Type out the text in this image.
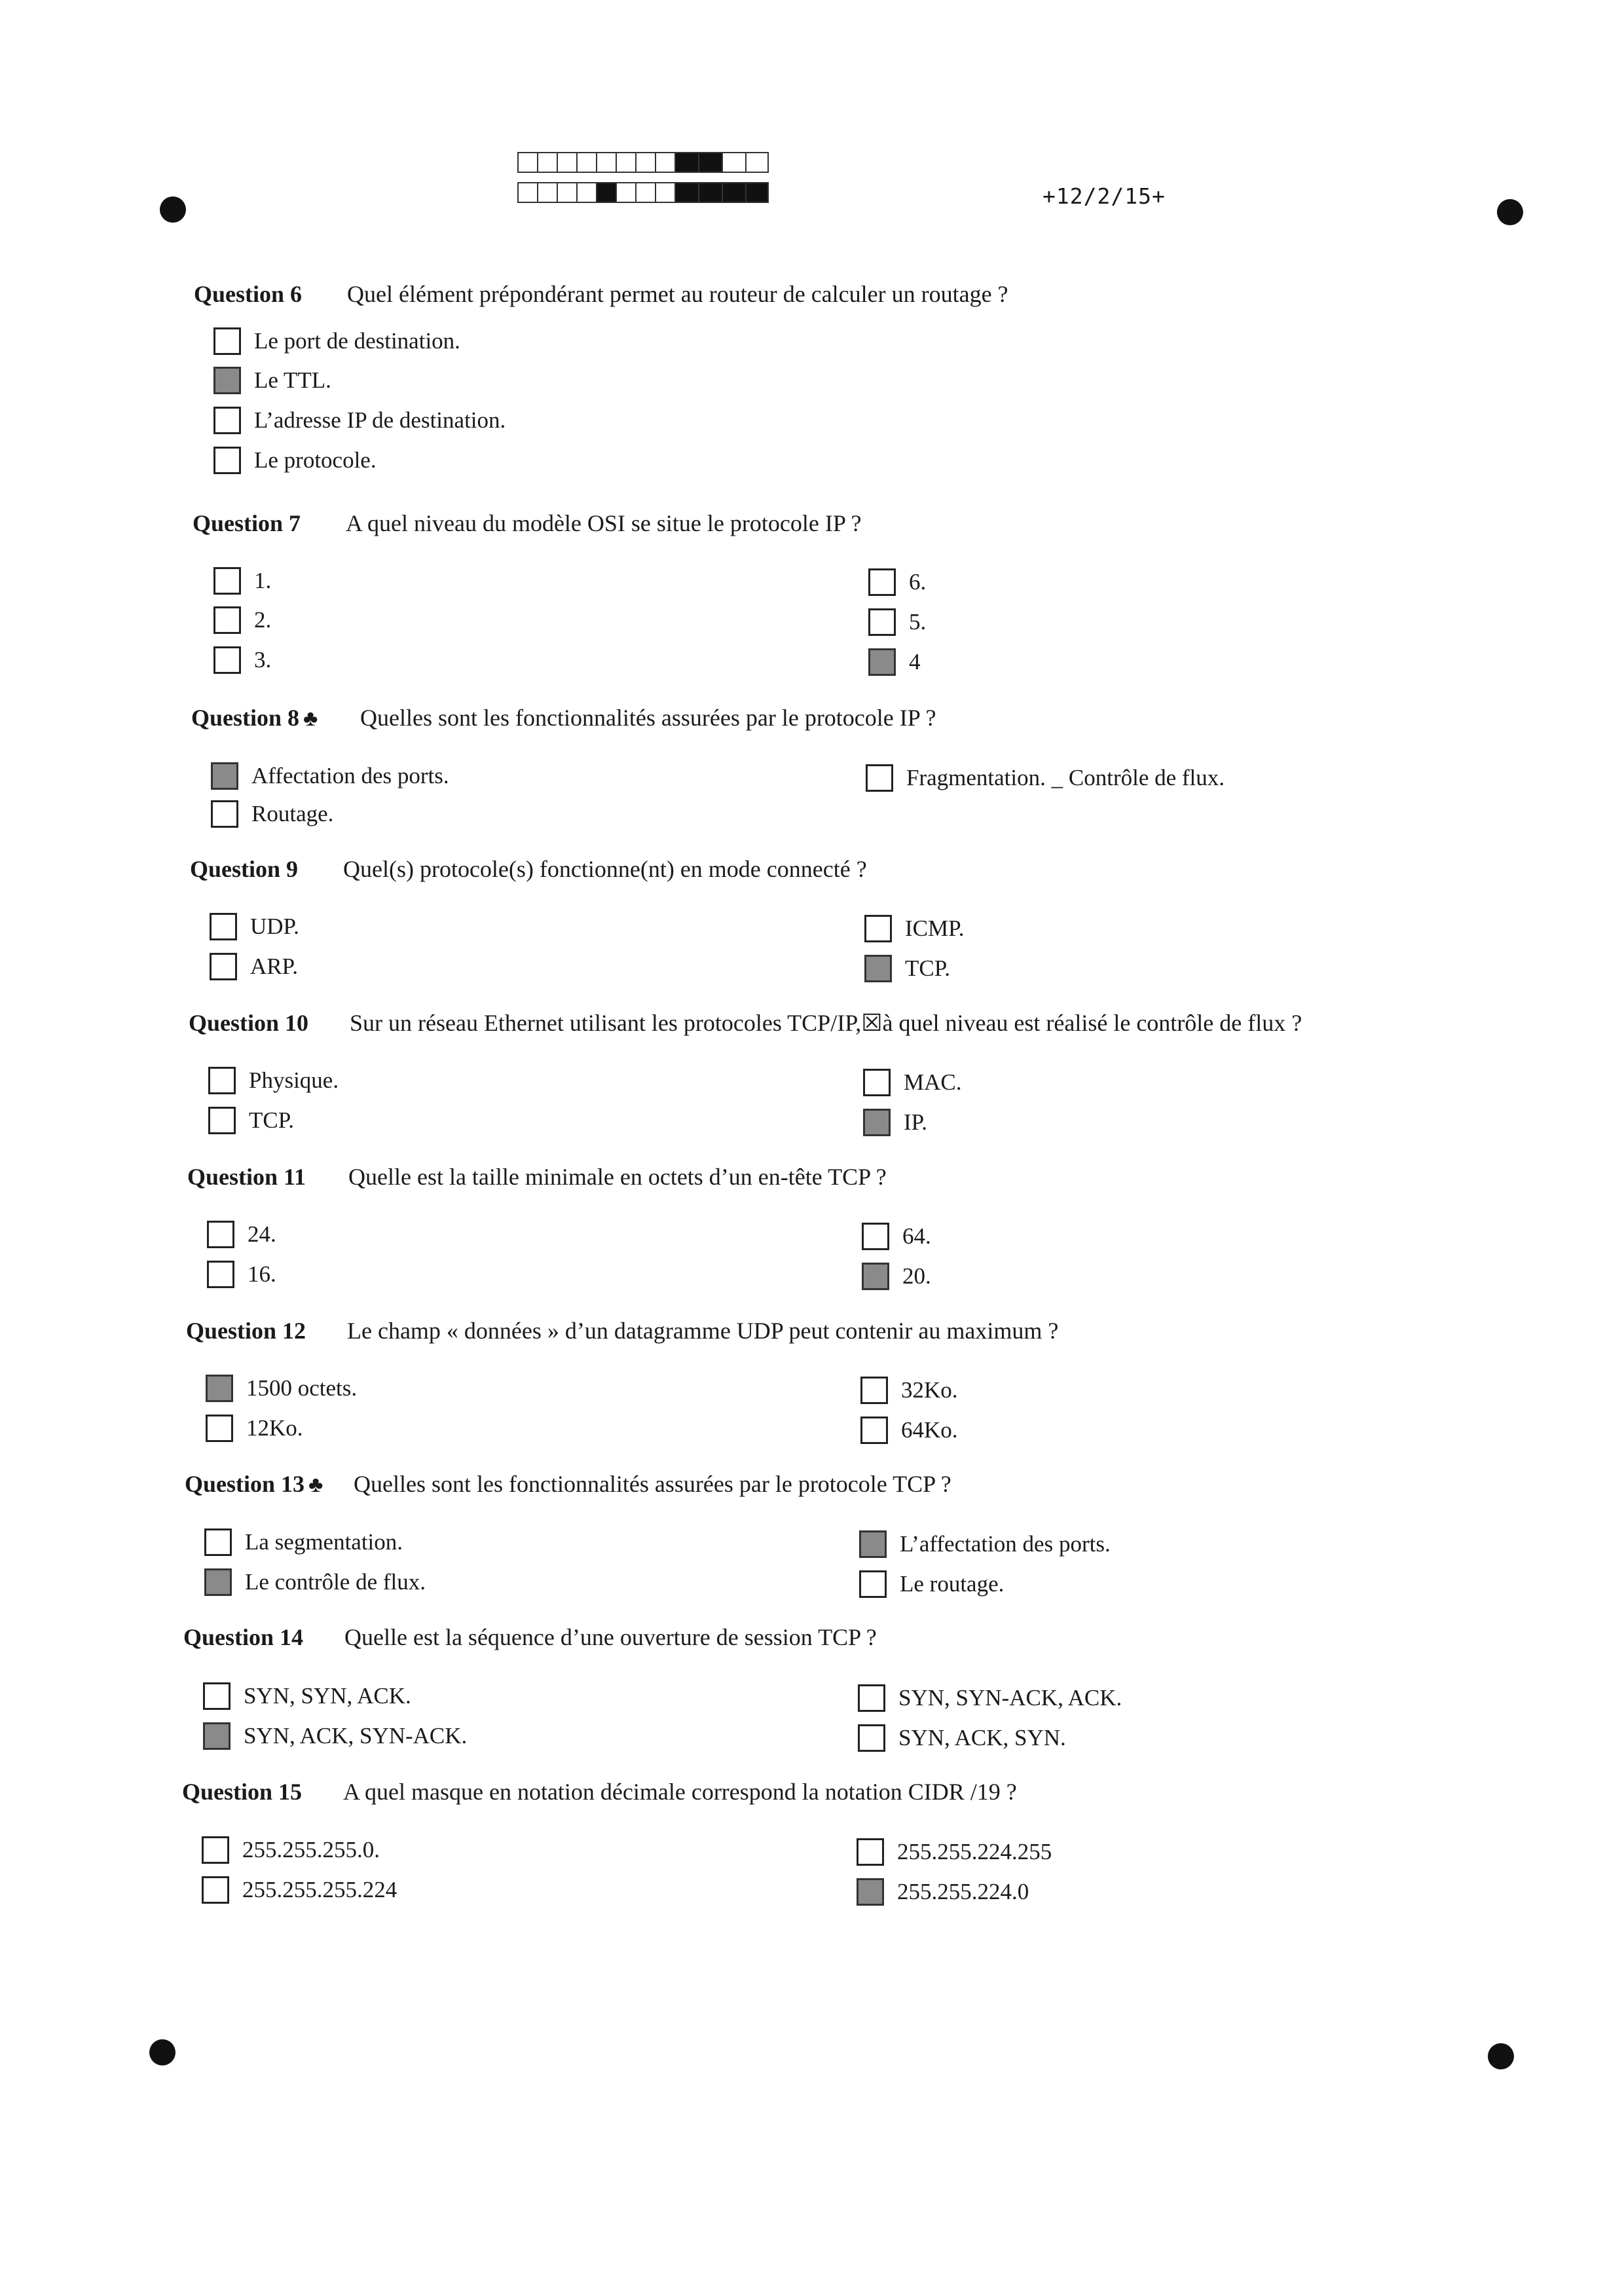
+12/2/15+
Question 6 Quel élément prépondérant permet au routeur de calculer un routage ?
Le port de destination.
Le TTL.
L’adresse IP de destination.
Le protocole.
Question 7 A quel niveau du modèle OSI se situe le protocole IP ?
1.
2.
3.
6.
5.
4
Question 8 ♣ Quelles sont les fonctionnalités assurées par le protocole IP ?
Affectation des ports.
Routage.
Fragmentation. _ Contrôle de flux.
Question 9 Quel(s) protocole(s) fonctionne(nt) en mode connecté ?
UDP.
ARP.
ICMP.
TCP.
Question 10 Sur un réseau Ethernet utilisant les protocoles TCP/IP,☒à quel niveau est réalisé le contrôle de flux ?
Physique.
TCP.
MAC.
IP.
Question 11 Quelle est la taille minimale en octets d’un en-tête TCP ?
24.
16.
64.
20.
Question 12 Le champ « données » d’un datagramme UDP peut contenir au maximum ?
1500 octets.
12Ko.
32Ko.
64Ko.
Question 13 ♣ Quelles sont les fonctionnalités assurées par le protocole TCP ?
La segmentation.
Le contrôle de flux.
L’affectation des ports.
Le routage.
Question 14 Quelle est la séquence d’une ouverture de session TCP ?
SYN, SYN, ACK.
SYN, ACK, SYN-ACK.
SYN, SYN-ACK, ACK.
SYN, ACK, SYN.
Question 15 A quel masque en notation décimale correspond la notation CIDR /19 ?
255.255.255.0.
255.255.255.224
255.255.224.255
255.255.224.0
